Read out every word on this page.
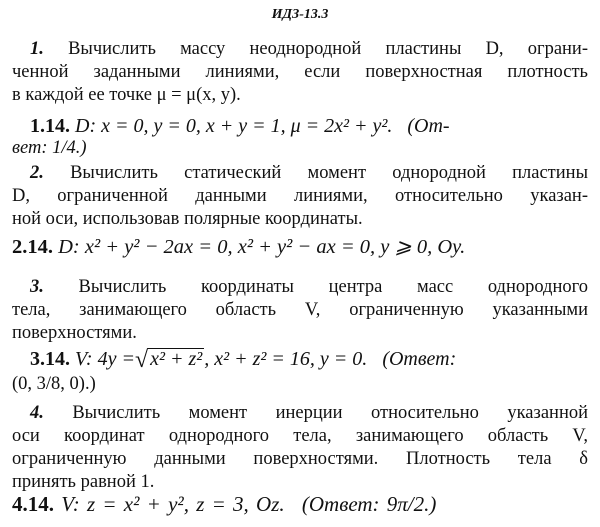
ИДЗ-13.3
1. Вычислить массу неоднородной пластины D, ограни-
ченной заданными линиями, если поверхностная плотность
в каждой ее точке μ = μ(x, y).
1.14. D: x = 0, y = 0, x + y = 1, μ = 2x² + y². (От-
вет: 1/4.)
2. Вычислить статический момент однородной пластины
D, ограниченной данными линиями, относительно указан-
ной оси, использовав полярные координаты.
2.14. D: x² + y² − 2ax = 0, x² + y² − ax = 0, y ⩾ 0, Oy.
3. Вычислить координаты центра масс однородного
тела, занимающего область V, ограниченную указанными
поверхностями.
3.14. V: 4y =√ x² + z² , x² + z² = 16, y = 0. (Ответ:
(0, 3/8, 0).)
4. Вычислить момент инерции относительно указанной
оси координат однородного тела, занимающего область V,
ограниченную данными поверхностями. Плотность тела δ
принять равной 1.
4.14. V: z = x² + y², z = 3, Oz. (Ответ: 9π/2.)
